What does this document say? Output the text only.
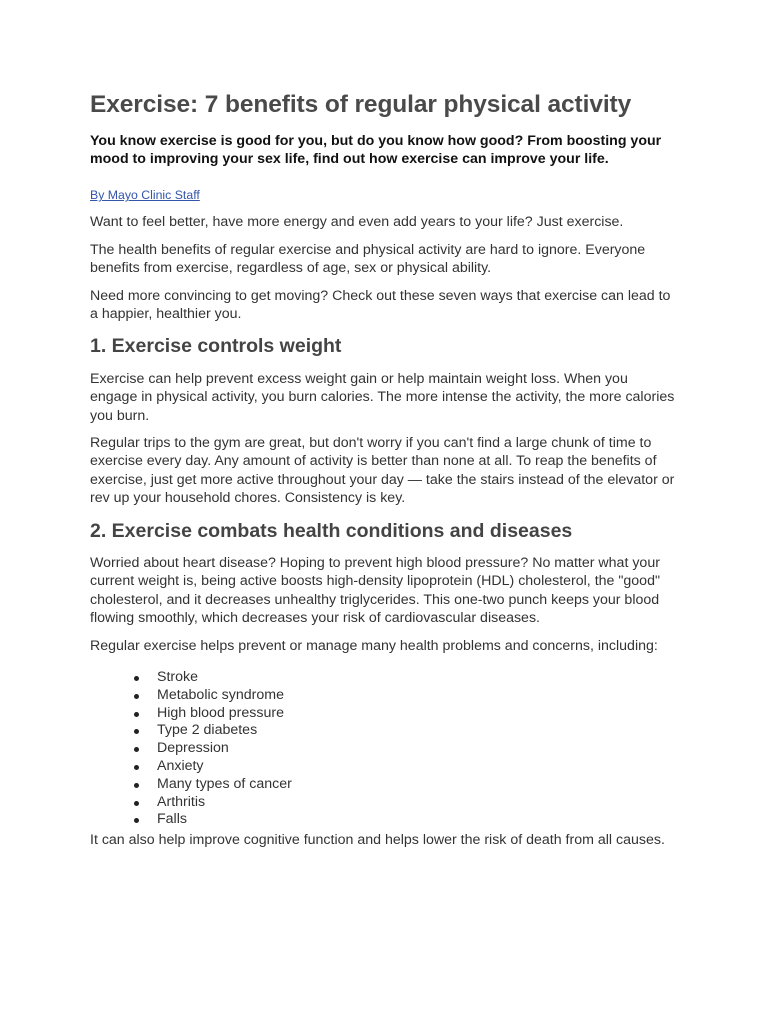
Exercise: 7 benefits of regular physical activity
You know exercise is good for you, but do you know how good? From boosting your mood to improving your sex life, find out how exercise can improve your life.
By Mayo Clinic Staff

Want to feel better, have more energy and even add years to your life? Just exercise.

The health benefits of regular exercise and physical activity are hard to ignore. Everyone benefits from exercise, regardless of age, sex or physical ability.

Need more convincing to get moving? Check out these seven ways that exercise can lead to a happier, healthier you.

1. Exercise controls weight

Exercise can help prevent excess weight gain or help maintain weight loss. When you engage in physical activity, you burn calories. The more intense the activity, the more calories you burn.

Regular trips to the gym are great, but don't worry if you can't find a large chunk of time to exercise every day. Any amount of activity is better than none at all. To reap the benefits of exercise, just get more active throughout your day — take the stairs instead of the elevator or rev up your household chores. Consistency is key.

2. Exercise combats health conditions and diseases

Worried about heart disease? Hoping to prevent high blood pressure? No matter what your current weight is, being active boosts high-density lipoprotein (HDL) cholesterol, the "good" cholesterol, and it decreases unhealthy triglycerides. This one-two punch keeps your blood flowing smoothly, which decreases your risk of cardiovascular diseases.

Regular exercise helps prevent or manage many health problems and concerns, including:

Stroke
Metabolic syndrome
High blood pressure
Type 2 diabetes
Depression
Anxiety
Many types of cancer
Arthritis
Falls

It can also help improve cognitive function and helps lower the risk of death from all causes.
